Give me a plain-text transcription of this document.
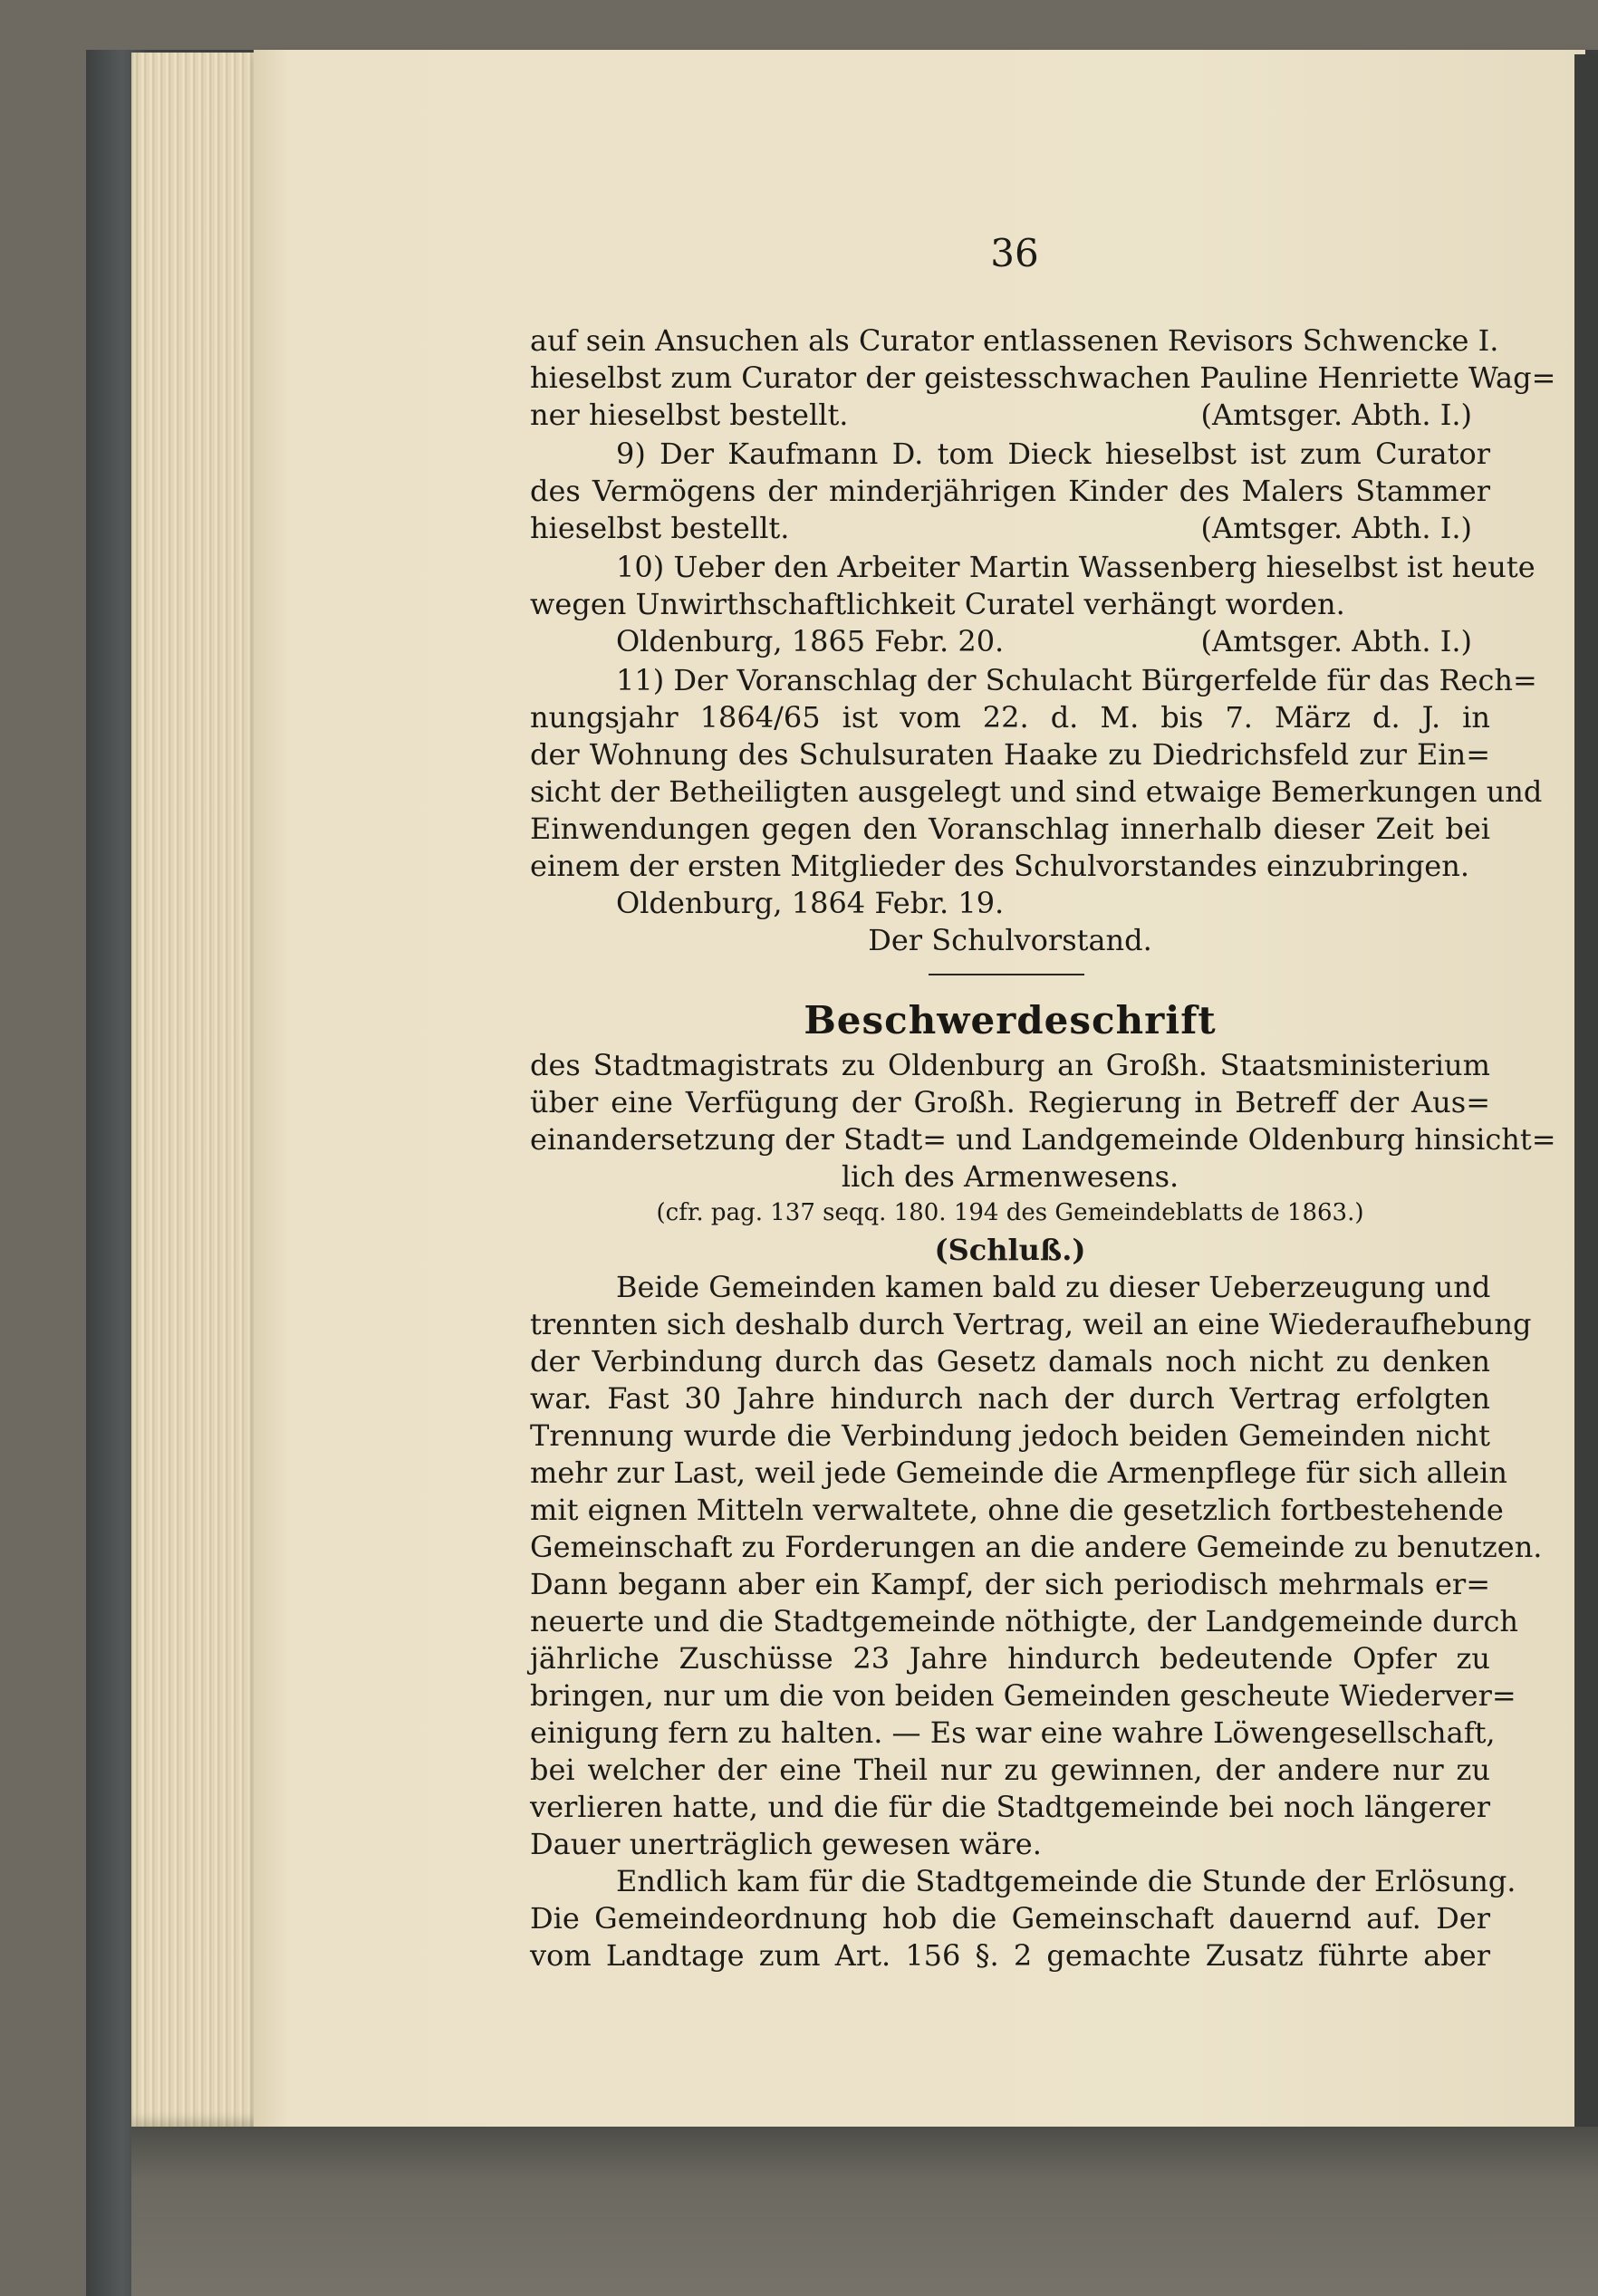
36
auf sein Ansuchen als Curator entlassenen Revisors Schwencke I.
hieselbst zum Curator der geistesschwachen Pauline Henriette Wag=
ner hieselbst bestellt.	(Amtsger. Abth. I.)
9) Der Kaufmann D. tom Dieck hieselbst ist zum Curator
des Vermögens der minderjährigen Kinder des Malers Stammer
hieselbst bestellt.	(Amtsger. Abth. I.)
10) Ueber den Arbeiter Martin Wassenberg hieselbst ist heute
wegen Unwirthschaftlichkeit Curatel verhängt worden.
Oldenburg, 1865 Febr. 20.	(Amtsger. Abth. I.)
11) Der Voranschlag der Schulacht Bürgerfelde für das Rech=
nungsjahr 1864/65 ist vom 22. d. M. bis 7. März d. J. in
der Wohnung des Schulsuraten Haake zu Diedrichsfeld zur Ein=
sicht der Betheiligten ausgelegt und sind etwaige Bemerkungen und
Einwendungen gegen den Voranschlag innerhalb dieser Zeit bei
einem der ersten Mitglieder des Schulvorstandes einzubringen.
Oldenburg, 1864 Febr. 19.
Der Schulvorstand.
Beschwerdeschrift
des Stadtmagistrats zu Oldenburg an Großh. Staatsministerium
über eine Verfügung der Großh. Regierung in Betreff der Aus=
einandersetzung der Stadt= und Landgemeinde Oldenburg hinsicht=
lich des Armenwesens.
(cfr. pag. 137 seqq. 180. 194 des Gemeindeblatts de 1863.)
(Schluß.)
Beide Gemeinden kamen bald zu dieser Ueberzeugung und
trennten sich deshalb durch Vertrag, weil an eine Wiederaufhebung
der Verbindung durch das Gesetz damals noch nicht zu denken
war. Fast 30 Jahre hindurch nach der durch Vertrag erfolgten
Trennung wurde die Verbindung jedoch beiden Gemeinden nicht
mehr zur Last, weil jede Gemeinde die Armenpflege für sich allein
mit eignen Mitteln verwaltete, ohne die gesetzlich fortbestehende
Gemeinschaft zu Forderungen an die andere Gemeinde zu benutzen.
Dann begann aber ein Kampf, der sich periodisch mehrmals er=
neuerte und die Stadtgemeinde nöthigte, der Landgemeinde durch
jährliche Zuschüsse 23 Jahre hindurch bedeutende Opfer zu
bringen, nur um die von beiden Gemeinden gescheute Wiederver=
einigung fern zu halten. — Es war eine wahre Löwengesellschaft,
bei welcher der eine Theil nur zu gewinnen, der andere nur zu
verlieren hatte, und die für die Stadtgemeinde bei noch längerer
Dauer unerträglich gewesen wäre.
Endlich kam für die Stadtgemeinde die Stunde der Erlösung.
Die Gemeindeordnung hob die Gemeinschaft dauernd auf. Der
vom Landtage zum Art. 156 §. 2 gemachte Zusatz führte aber
